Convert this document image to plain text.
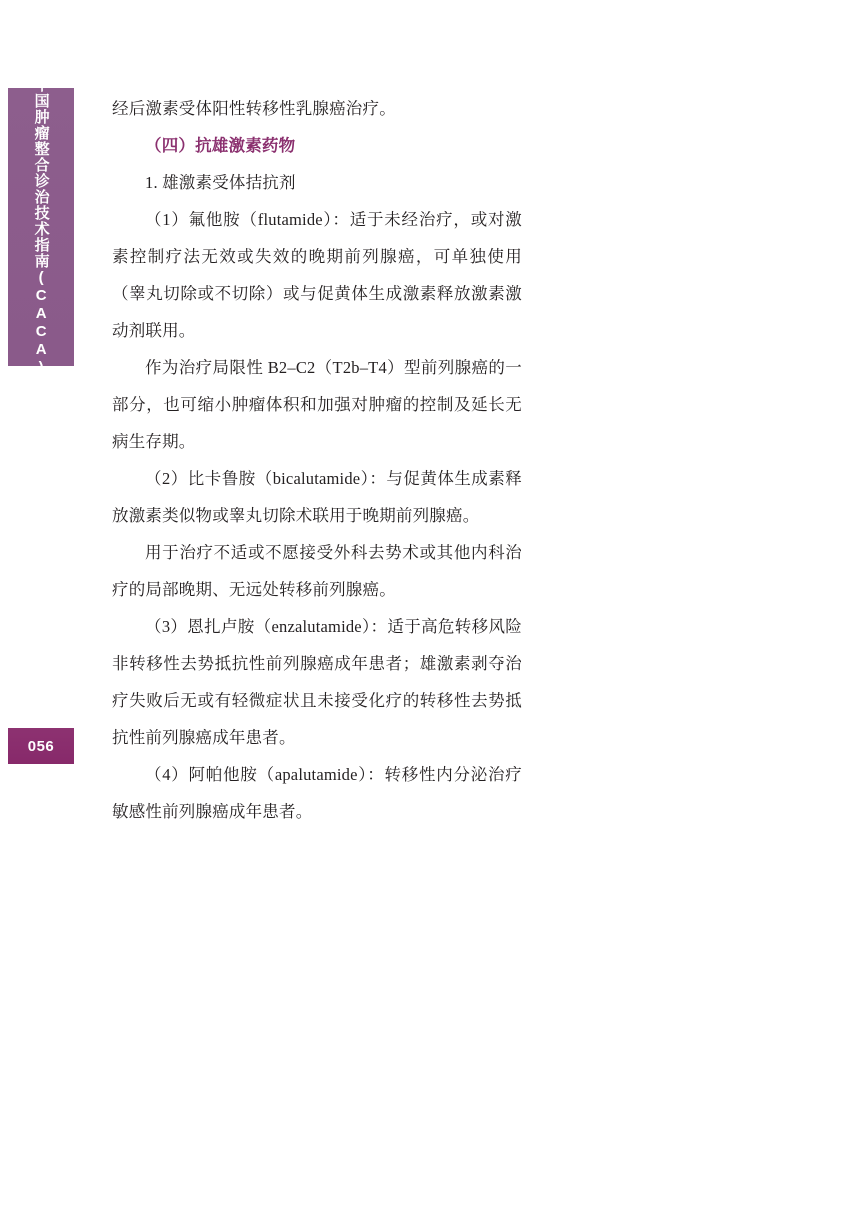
中国肿瘤整合诊治技术指南(CACA)
056

经后激素受体阳性转移性乳腺癌治疗。

（四）抗雄激素药物

1. 雄激素受体拮抗剂

（1）氟他胺（flutamide）：适于未经治疗，或对激素控制疗法无效或失效的晚期前列腺癌，可单独使用（睾丸切除或不切除）或与促黄体生成激素释放激素激动剂联用。

作为治疗局限性 B2–C2（T2b–T4）型前列腺癌的一部分，也可缩小肿瘤体积和加强对肿瘤的控制及延长无病生存期。

（2）比卡鲁胺（bicalutamide）：与促黄体生成素释放激素类似物或睾丸切除术联用于晚期前列腺癌。

用于治疗不适或不愿接受外科去势术或其他内科治疗的局部晚期、无远处转移前列腺癌。

（3）恩扎卢胺（enzalutamide）：适于高危转移风险非转移性去势抵抗性前列腺癌成年患者；雄激素剥夺治疗失败后无或有轻微症状且未接受化疗的转移性去势抵抗性前列腺癌成年患者。

（4）阿帕他胺（apalutamide）：转移性内分泌治疗敏感性前列腺癌成年患者。
